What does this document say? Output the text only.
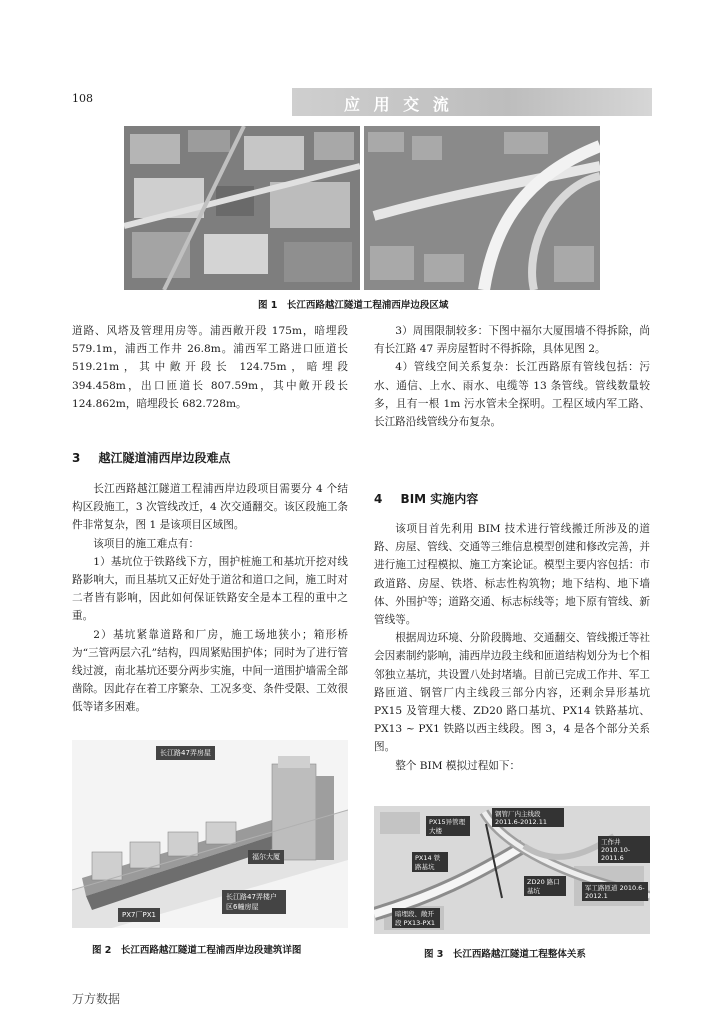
108	应 用 交 流
图 1　长江西路越江隧道工程浦西岸边段区域

道路、风塔及管理用房等。浦西敞开段 175m，暗埋段 579.1m，浦西工作井 26.8m。浦西军工路进口匝道长 519.21m，其中敞开段长 124.75m，暗埋段 394.458m，出口匝道长 807.59m，其中敞开段长 124.862m，暗埋段长 682.728m。

3 越江隧道浦西岸边段难点

长江西路越江隧道工程浦西岸边段项目需要分 4 个结构区段施工，3 次管线改迁，4 次交通翻交。该区段施工条件非常复杂，图 1 是该项目区域图。

该项目的施工难点有：

1）基坑位于铁路线下方，围护桩施工和基坑开挖对线路影响大，而且基坑又正好处于道岔和道口之间，施工时对二者皆有影响，因此如何保证铁路安全是本工程的重中之重。

2）基坑紧靠道路和厂房，施工场地狭小；箱形桥为“三管两层六孔”结构，四周紧贴围护体；同时为了进行管线过渡，南北基坑还要分两步实施，中间一道围护墙需全部凿除。因此存在着工序繁杂、工况多变、条件受限、工效很低等诸多困难。

3）周围限制较多：下图中福尔大厦围墙不得拆除，尚有长江路 47 弄房屋暂时不得拆除，具体见图 2。

4）管线空间关系复杂：长江西路原有管线包括：污水、通信、上水、雨水、电缆等 13 条管线。管线数量较多，且有一根 1m 污水管未全探明。工程区域内军工路、长江路沿线管线分布复杂。

4 BIM 实施内容

该项目首先利用 BIM 技术进行管线搬迁所涉及的道路、房屋、管线、交通等三维信息模型创建和修改完善，并进行施工过程模拟、施工方案论证。模型主要内容包括：市政道路、房屋、铁塔、标志性构筑物；地下结构、地下墙体、外围护等；道路交通、标志标线等；地下原有管线、新管线等。

根据周边环境、分阶段腾地、交通翻交、管线搬迁等社会因素制约影响，浦西岸边段主线和匝道结构划分为七个相邻独立基坑，共设置八处封堵墙。目前已完成工作井、军工路匝道、钢管厂内主线段三部分内容，还剩余异形基坑 PX15 及管理大楼、ZD20 路口基坑、PX14 铁路基坑、PX13 ~ PX1 铁路以西主线段。图 3，4 是各个部分关系图。

整个 BIM 模拟过程如下：

长江路47弄房屋
福尔大厦
长江路47弄楼户区6幢房屋
PX7厂PX1
图 2　长江西路越江隧道工程浦西岸边段建筑详图
PX15异管理大楼
钢管厂内主线段 2011.6-2012.11
PX14 铁路基坑
ZD20 路口基坑
工作井 2010.10-2011.6
军工路匝道 2010.6-2012.1
暗埋段、敞开段 PX13-PX1
图 3　长江西路越江隧道工程整体关系
万方数据
